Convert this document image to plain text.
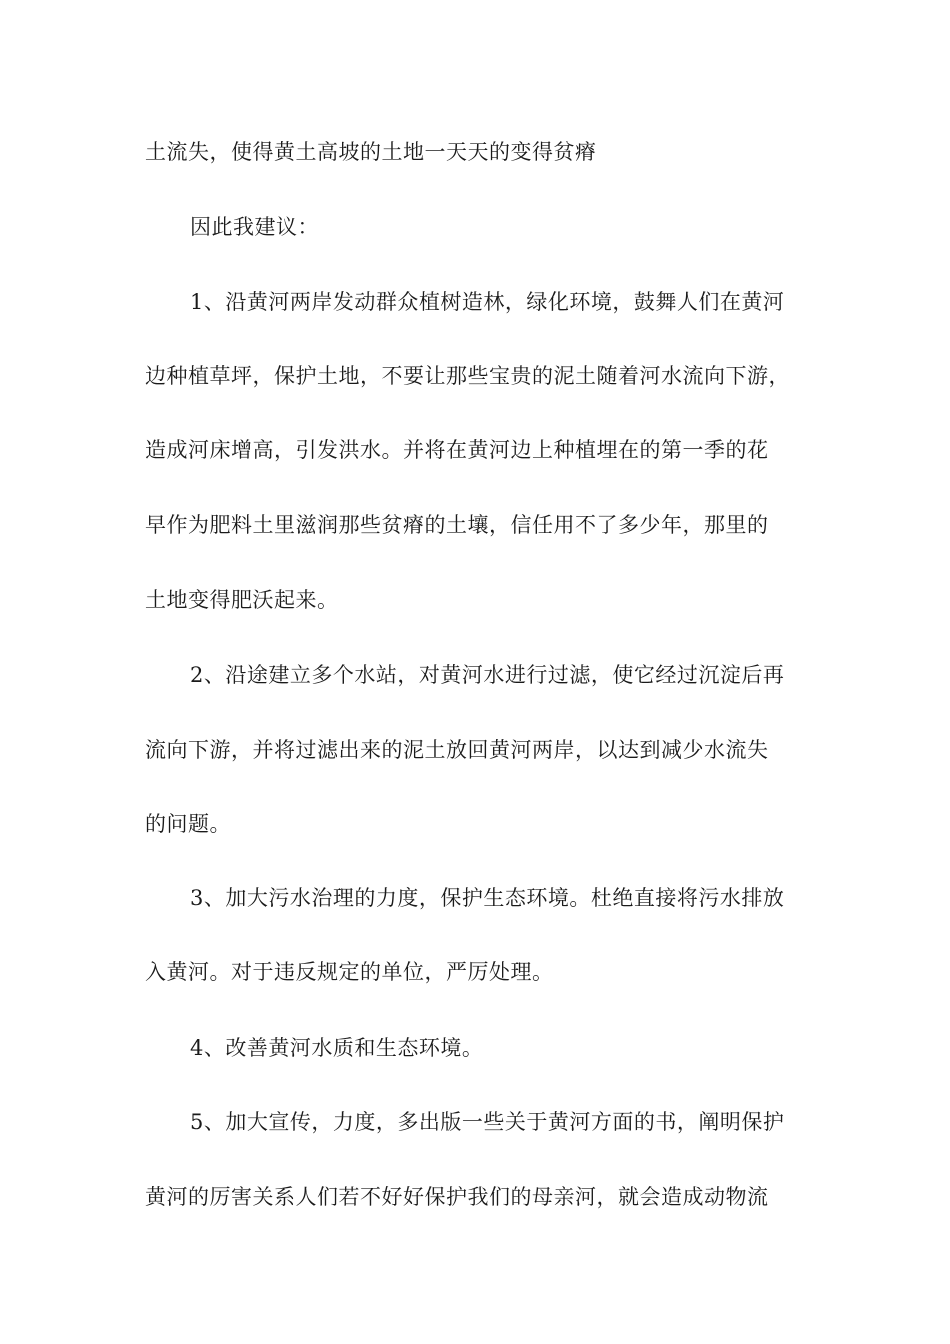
土流失，使得黄土高坡的土地一天天的变得贫瘠
因此我建议：
1、沿黄河两岸发动群众植树造林，绿化环境，鼓舞人们在黄河
边种植草坪，保护土地，不要让那些宝贵的泥土随着河水流向下游，
造成河床增高，引发洪水。并将在黄河边上种植埋在的第一季的花
早作为肥料土里滋润那些贫瘠的土壤，信任用不了多少年，那里的
土地变得肥沃起来。
2、沿途建立多个水站，对黄河水进行过滤，使它经过沉淀后再
流向下游，并将过滤出来的泥土放回黄河两岸，以达到减少水流失
的问题。
3、加大污水治理的力度，保护生态环境。杜绝直接将污水排放
入黄河。对于违反规定的单位，严厉处理。
4、改善黄河水质和生态环境。
5、加大宣传，力度，多出版一些关于黄河方面的书，阐明保护
黄河的厉害关系人们若不好好保护我们的母亲河，就会造成动物流
